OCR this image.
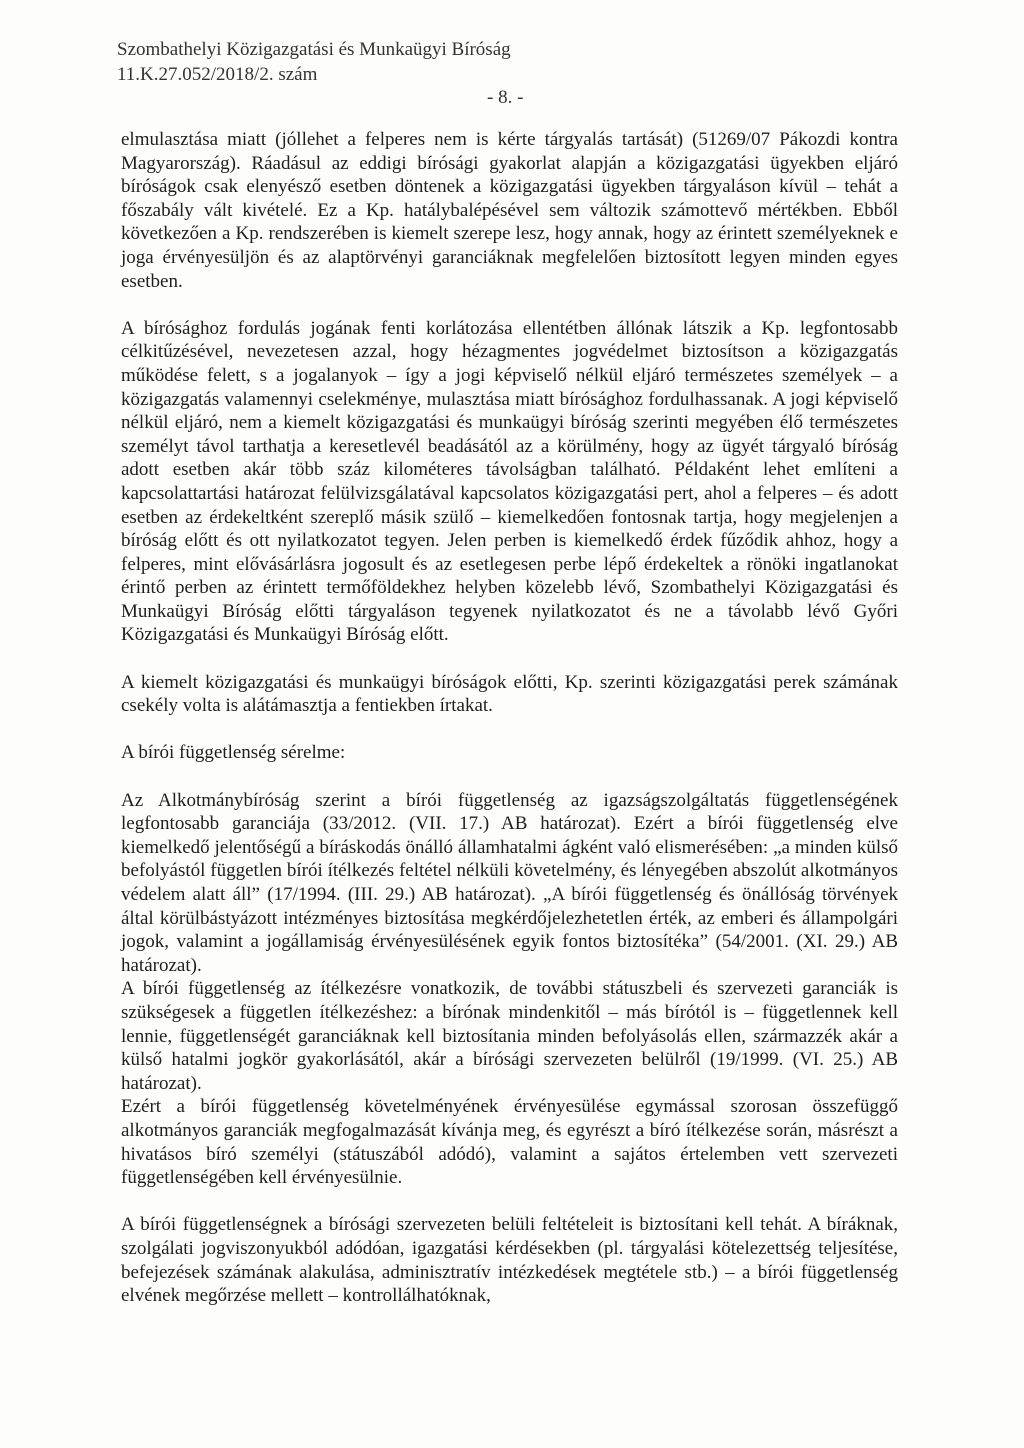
Szombathelyi Közigazgatási és Munkaügyi Bíróság
11.K.27.052/2018/2. szám
- 8. -

elmulasztása miatt (jóllehet a felperes nem is kérte tárgyalás tartását) (51269/07 Pákozdi kontra Magyarország). Ráadásul az eddigi bírósági gyakorlat alapján a közigazgatási ügyekben eljáró bíróságok csak elenyésző esetben döntenek a közigazgatási ügyekben tárgyaláson kívül – tehát a főszabály vált kivételé. Ez a Kp. hatálybalépésével sem változik számottevő mértékben. Ebből következően a Kp. rendszerében is kiemelt szerepe lesz, hogy annak, hogy az érintett személyeknek e joga érvényesüljön és az alaptörvényi garanciáknak megfelelően biztosított legyen minden egyes esetben.

A bírósághoz fordulás jogának fenti korlátozása ellentétben állónak látszik a Kp. legfontosabb célkitűzésével, nevezetesen azzal, hogy hézagmentes jogvédelmet biztosítson a közigazgatás működése felett, s a jogalanyok – így a jogi képviselő nélkül eljáró természetes személyek – a közigazgatás valamennyi cselekménye, mulasztása miatt bírósághoz fordulhassanak. A jogi képviselő nélkül eljáró, nem a kiemelt közigazgatási és munkaügyi bíróság szerinti megyében élő természetes személyt távol tarthatja a keresetlevél beadásától az a körülmény, hogy az ügyét tárgyaló bíróság adott esetben akár több száz kilométeres távolságban található. Példaként lehet említeni a kapcsolattartási határozat felülvizsgálatával kapcsolatos közigazgatási pert, ahol a felperes – és adott esetben az érdekeltként szereplő másik szülő – kiemelkedően fontosnak tartja, hogy megjelenjen a bíróság előtt és ott nyilatkozatot tegyen. Jelen perben is kiemelkedő érdek fűződik ahhoz, hogy a felperes, mint elővásárlásra jogosult és az esetlegesen perbe lépő érdekeltek a rönöki ingatlanokat érintő perben az érintett termőföldekhez helyben közelebb lévő, Szombathelyi Közigazgatási és Munkaügyi Bíróság előtti tárgyaláson tegyenek nyilatkozatot és ne a távolabb lévő Győri Közigazgatási és Munkaügyi Bíróság előtt.

A kiemelt közigazgatási és munkaügyi bíróságok előtti, Kp. szerinti közigazgatási perek számának csekély volta is alátámasztja a fentiekben írtakat.

A bírói függetlenség sérelme:

Az Alkotmánybíróság szerint a bírói függetlenség az igazságszolgáltatás függetlenségének legfontosabb garanciája (33/2012. (VII. 17.) AB határozat). Ezért a bírói függetlenség elve kiemelkedő jelentőségű a bíráskodás önálló államhatalmi ágként való elismerésében: „a minden külső befolyástól független bírói ítélkezés feltétel nélküli követelmény, és lényegében abszolút alkotmányos védelem alatt áll” (17/1994. (III. 29.) AB határozat). „A bírói függetlenség és önállóság törvények által körülbástyázott intézményes biztosítása megkérdőjelezhetetlen érték, az emberi és állampolgári jogok, valamint a jogállamiság érvényesülésének egyik fontos biztosítéka” (54/2001. (XI. 29.) AB határozat).

A bírói függetlenség az ítélkezésre vonatkozik, de további státuszbeli és szervezeti garanciák is szükségesek a független ítélkezéshez: a bírónak mindenkitől – más bírótól is – függetlennek kell lennie, függetlenségét garanciáknak kell biztosítania minden befolyásolás ellen, származzék akár a külső hatalmi jogkör gyakorlásától, akár a bírósági szervezeten belülről (19/1999. (VI. 25.) AB határozat).

Ezért a bírói függetlenség követelményének érvényesülése egymással szorosan összefüggő alkotmányos garanciák megfogalmazását kívánja meg, és egyrészt a bíró ítélkezése során, másrészt a hivatásos bíró személyi (státuszából adódó), valamint a sajátos értelemben vett szervezeti függetlenségében kell érvényesülnie.

A bírói függetlenségnek a bírósági szervezeten belüli feltételeit is biztosítani kell tehát. A bíráknak, szolgálati jogviszonyukból adódóan, igazgatási kérdésekben (pl. tárgyalási kötelezettség teljesítése, befejezések számának alakulása, adminisztratív intézkedések megtétele stb.) – a bírói függetlenség elvének megőrzése mellett – kontrollálhatóknak,
